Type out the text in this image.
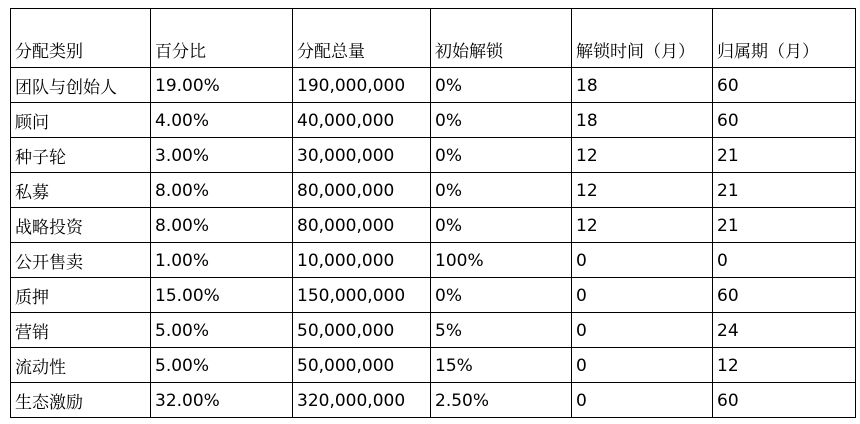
分配类别	百分比	分配总量	初始解锁	解锁时间（月）	归属期（月）
团队与创始人	19.00%	190,000,000	0%	18	60
顾问	4.00%	40,000,000	0%	18	60
种子轮	3.00%	30,000,000	0%	12	21
私募	8.00%	80,000,000	0%	12	21
战略投资	8.00%	80,000,000	0%	12	21
公开售卖	1.00%	10,000,000	100%	0	0
质押	15.00%	150,000,000	0%	0	60
营销	5.00%	50,000,000	5%	0	24
流动性	5.00%	50,000,000	15%	0	12
生态激励	32.00%	320,000,000	2.50%	0	60
